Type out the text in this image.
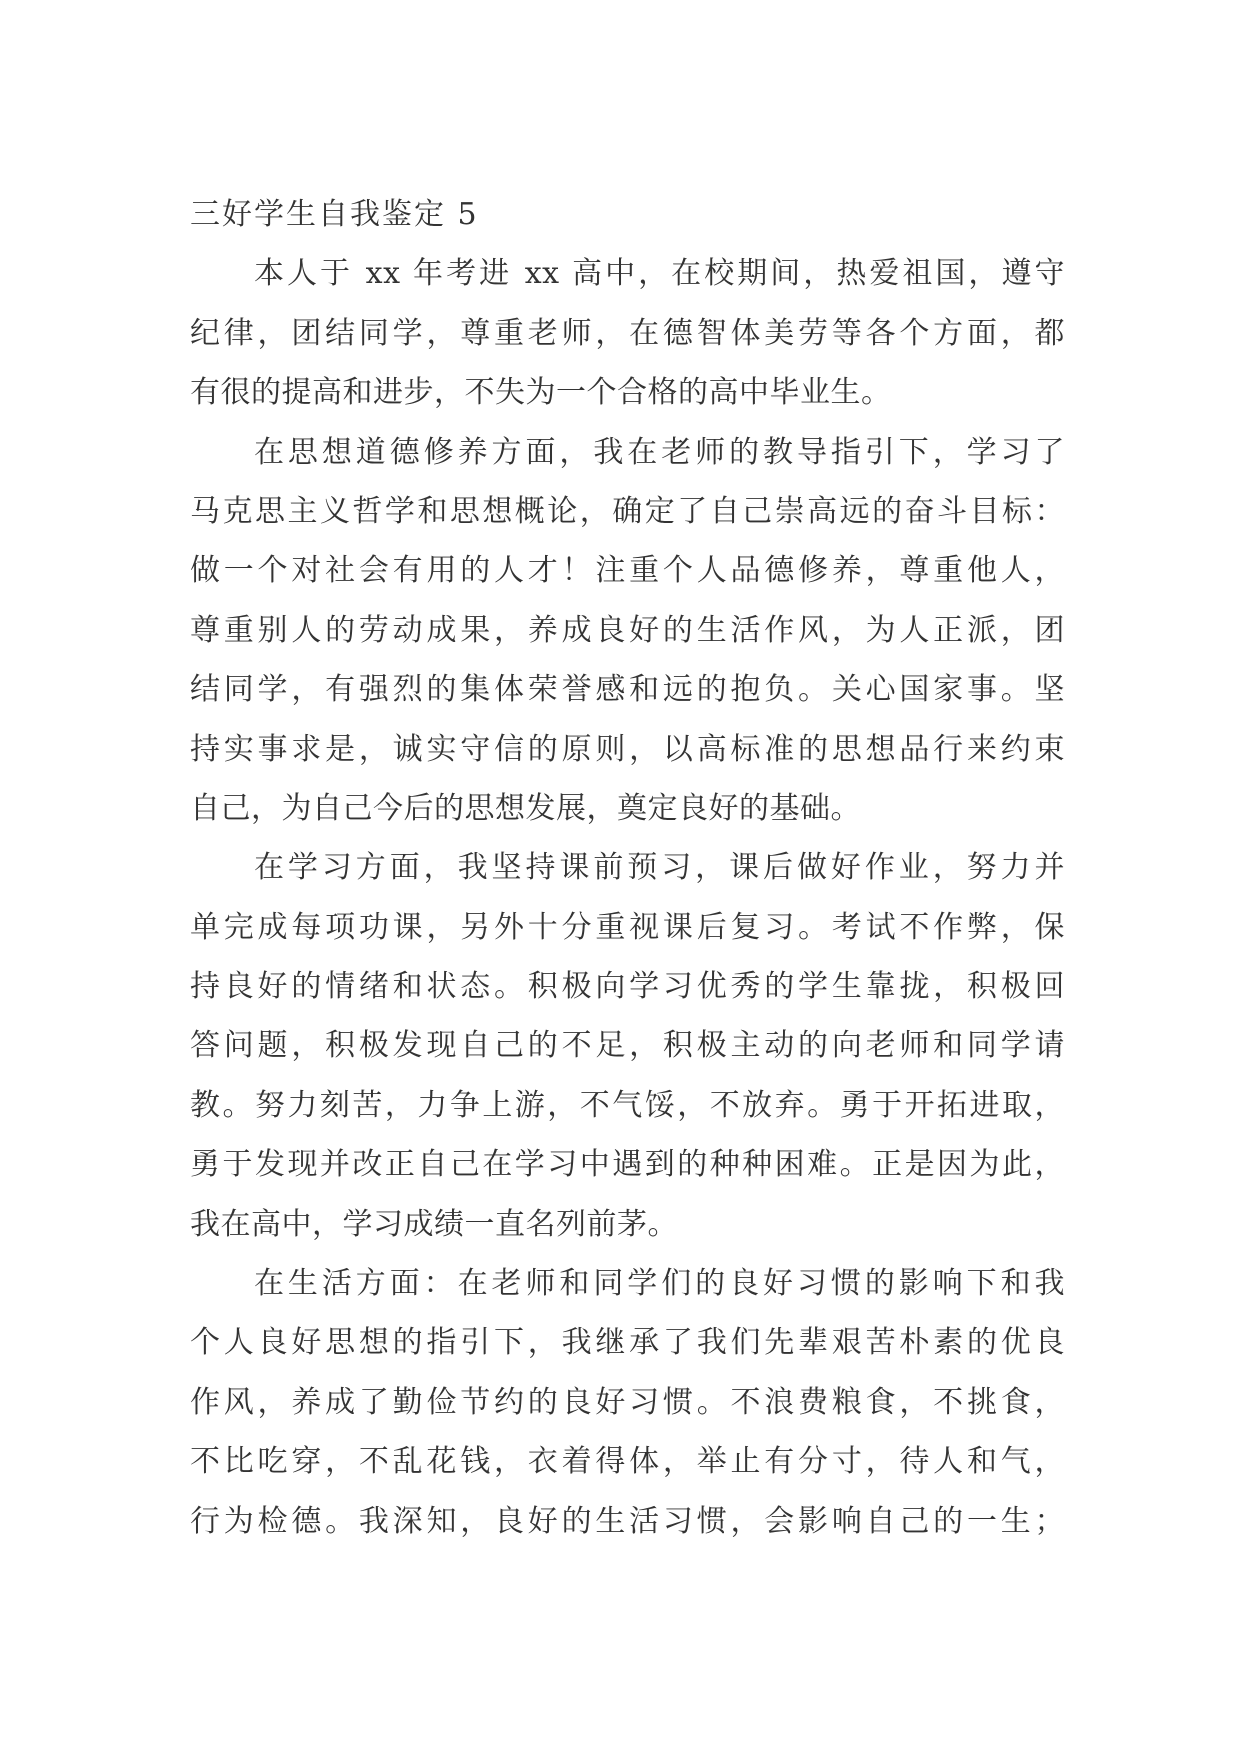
三好学生自我鉴定 5
本人于 xx 年考进 xx 高中，在校期间，热爱祖国，遵守
纪律，团结同学，尊重老师，在德智体美劳等各个方面，都
有很的提高和进步，不失为一个合格的高中毕业生。
在思想道德修养方面，我在老师的教导指引下，学习了
马克思主义哲学和思想概论，确定了自己崇高远的奋斗目标：
做一个对社会有用的人才！注重个人品德修养，尊重他人，
尊重别人的劳动成果，养成良好的生活作风，为人正派，团
结同学，有强烈的集体荣誉感和远的抱负。关心国家事。坚
持实事求是，诚实守信的原则，以高标准的思想品行来约束
自己，为自己今后的思想发展，奠定良好的基础。
在学习方面，我坚持课前预习，课后做好作业，努力并
单完成每项功课，另外十分重视课后复习。考试不作弊，保
持良好的情绪和状态。积极向学习优秀的学生靠拢，积极回
答问题，积极发现自己的不足，积极主动的向老师和同学请
教。努力刻苦，力争上游，不气馁，不放弃。勇于开拓进取，
勇于发现并改正自己在学习中遇到的种种困难。正是因为此，
我在高中，学习成绩一直名列前茅。
在生活方面：在老师和同学们的良好习惯的影响下和我
个人良好思想的指引下，我继承了我们先辈艰苦朴素的优良
作风，养成了勤俭节约的良好习惯。不浪费粮食，不挑食，
不比吃穿，不乱花钱，衣着得体，举止有分寸，待人和气，
行为检德。我深知，良好的生活习惯，会影响自己的一生；
